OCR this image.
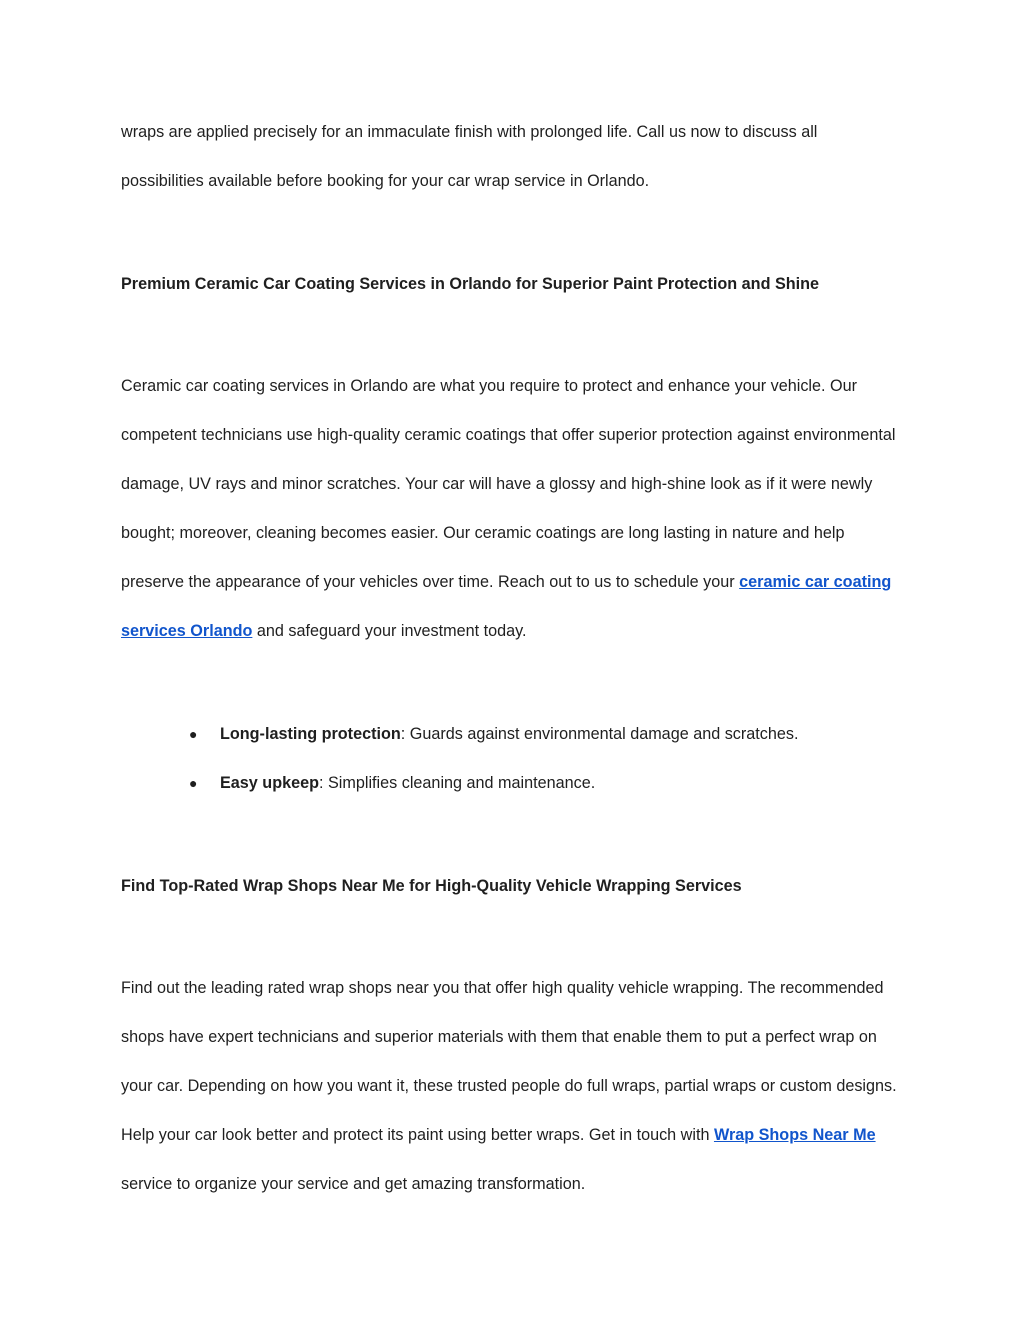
wraps are applied precisely for an immaculate finish with prolonged life. Call us now to discuss all
possibilities available before booking for your car wrap service in Orlando.

Premium Ceramic Car Coating Services in Orlando for Superior Paint Protection and Shine

Ceramic car coating services in Orlando are what you require to protect and enhance your vehicle. Our competent technicians use high-quality ceramic coatings that offer superior protection against environmental damage, UV rays and minor scratches. Your car will have a glossy and high-shine look as if it were newly bought; moreover, cleaning becomes easier. Our ceramic coatings are long lasting in nature and help preserve the appearance of your vehicles over time. Reach out to us to schedule your ceramic car coating services Orlando and safeguard your investment today.

● Long-lasting protection: Guards against environmental damage and scratches.
● Easy upkeep: Simplifies cleaning and maintenance.
Find Top-Rated Wrap Shops Near Me for High-Quality Vehicle Wrapping Services

Find out the leading rated wrap shops near you that offer high quality vehicle wrapping. The recommended shops have expert technicians and superior materials with them that enable them to put a perfect wrap on your car. Depending on how you want it, these trusted people do full wraps, partial wraps or custom designs. Help your car look better and protect its paint using better wraps. Get in touch with Wrap Shops Near Me service to organize your service and get amazing transformation.
